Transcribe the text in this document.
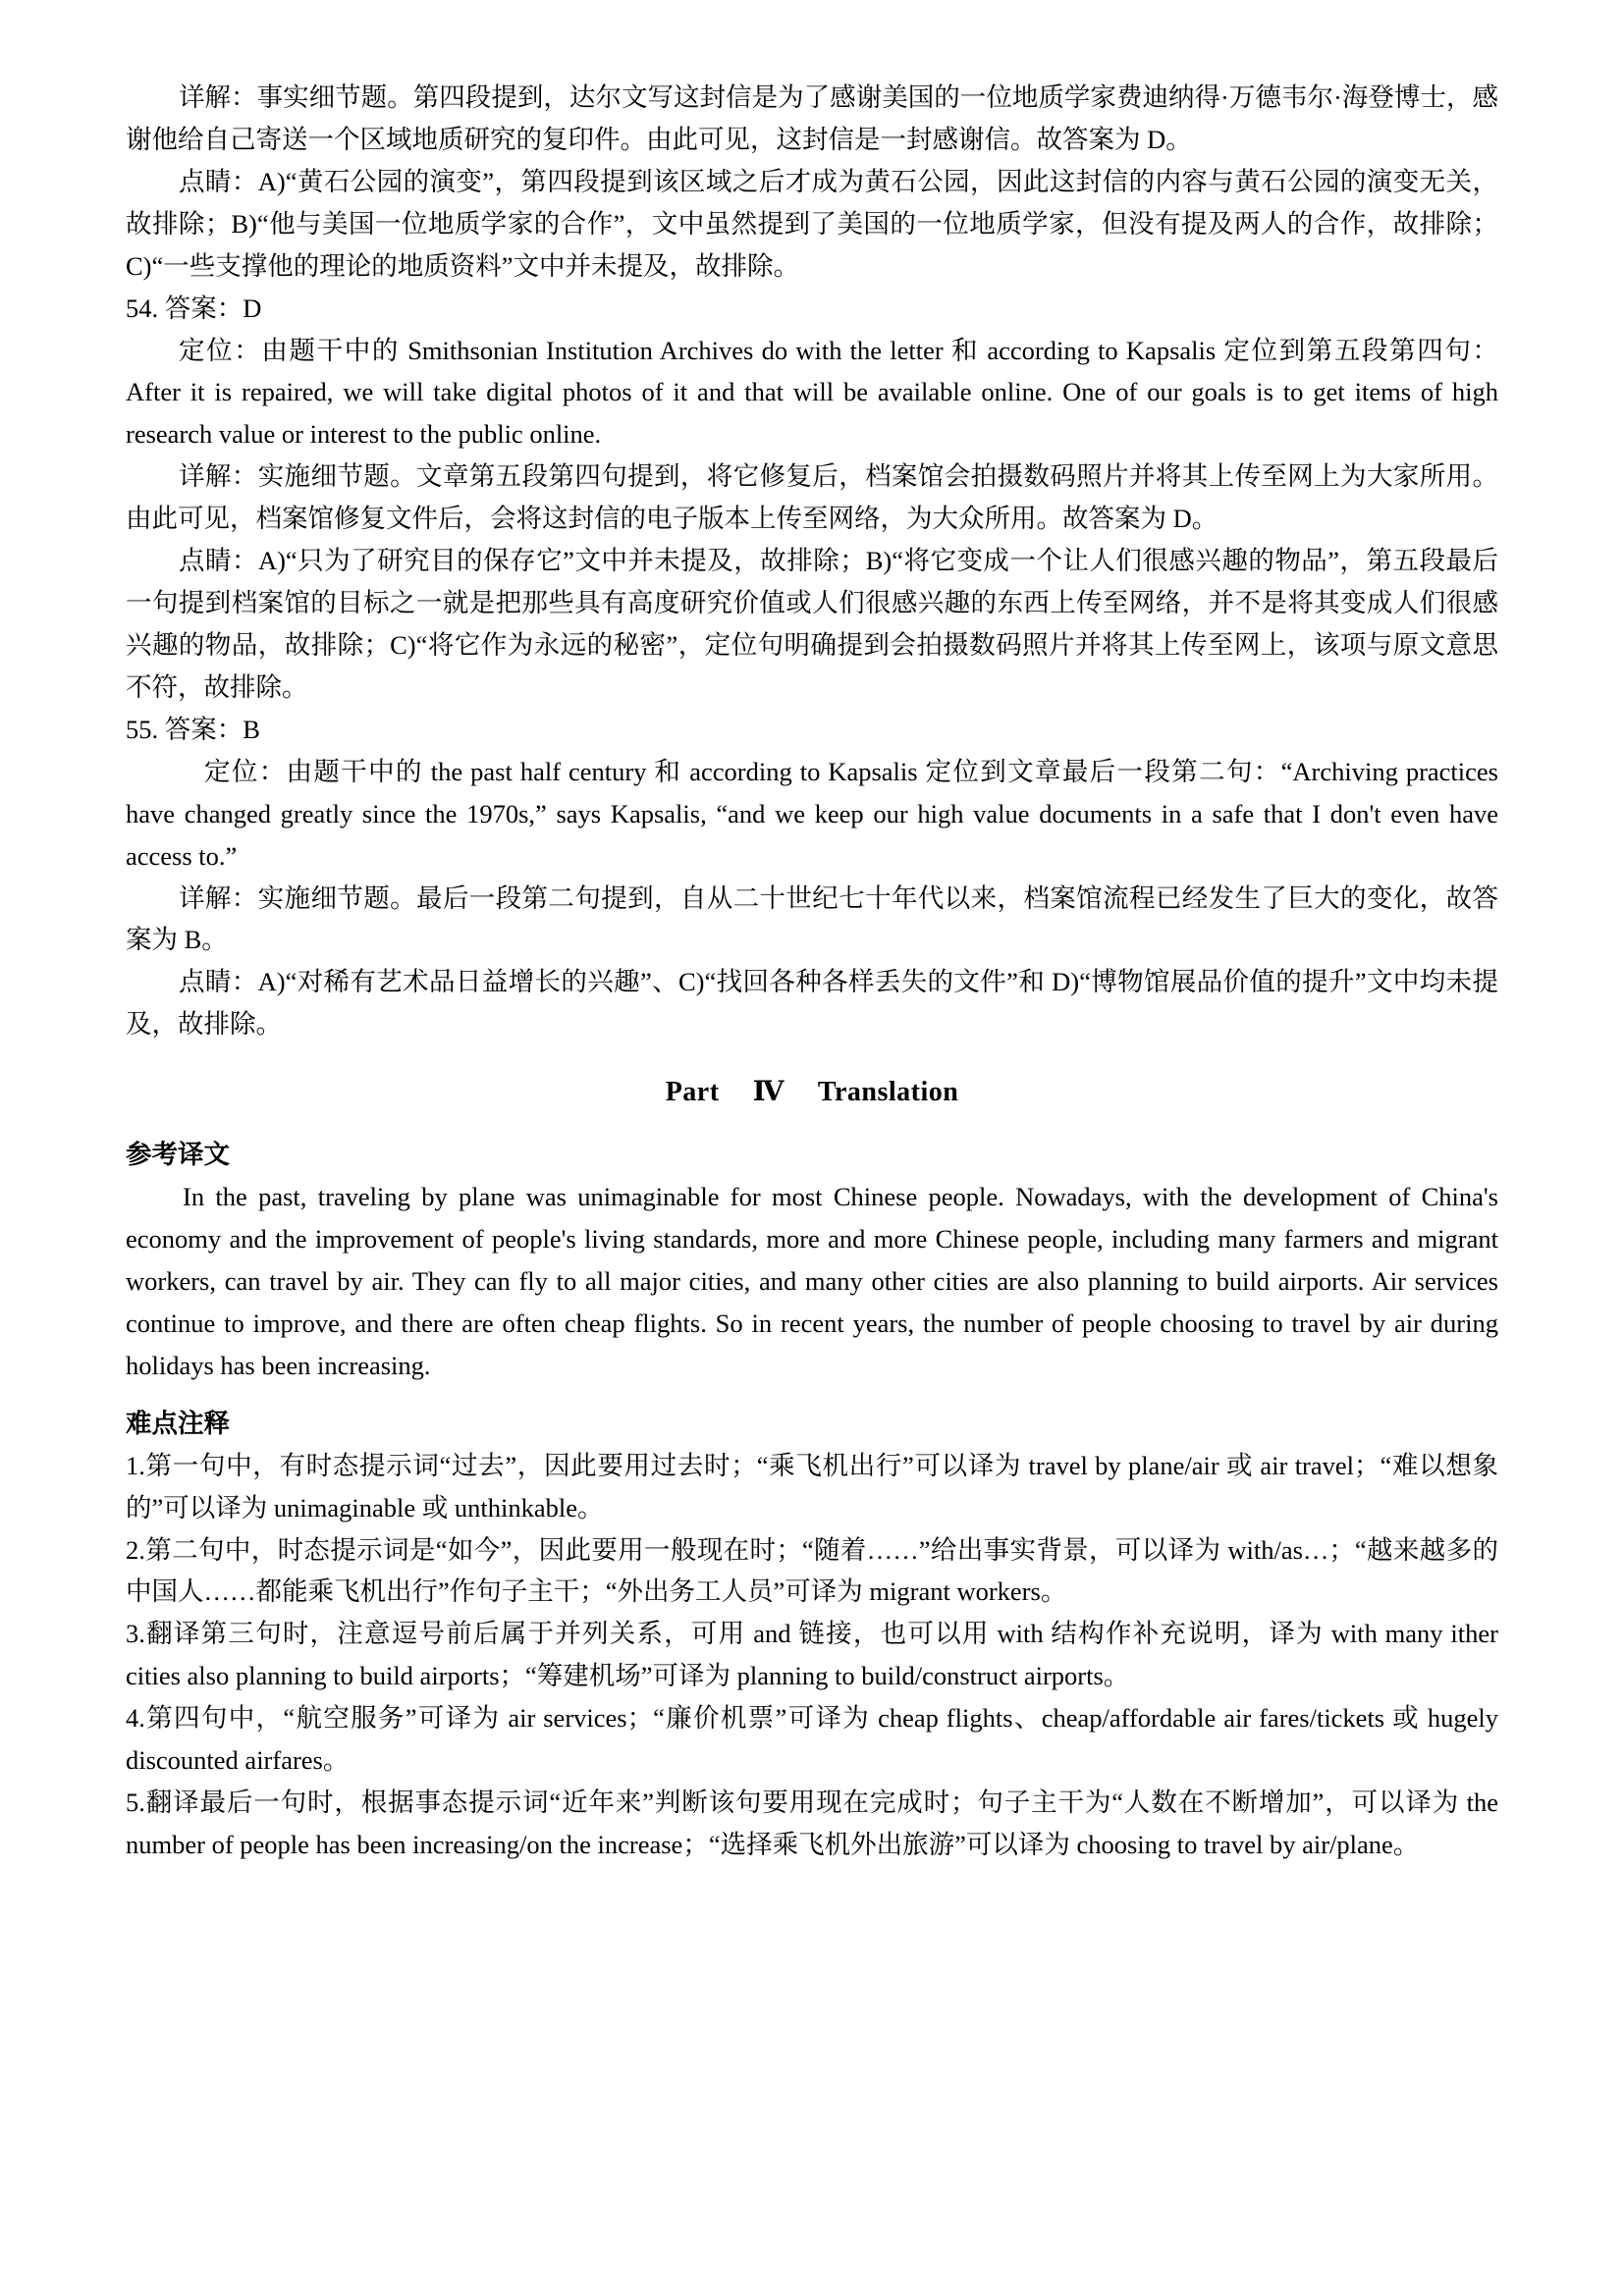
详解：事实细节题。第四段提到，达尔文写这封信是为了感谢美国的一位地质学家费迪纳得·万德韦尔·海登博士，感谢他给自己寄送一个区域地质研究的复印件。由此可见，这封信是一封感谢信。故答案为 D。

点睛：A)“黄石公园的演变”，第四段提到该区域之后才成为黄石公园，因此这封信的内容与黄石公园的演变无关，故排除；B)“他与美国一位地质学家的合作”，文中虽然提到了美国的一位地质学家，但没有提及两人的合作，故排除；C)“一些支撑他的理论的地质资料”文中并未提及，故排除。

54. 答案：D

定位：由题干中的 Smithsonian Institution Archives do with the letter 和 according to Kapsalis 定位到第五段第四句：After it is repaired, we will take digital photos of it and that will be available online. One of our goals is to get items of high research value or interest to the public online.

详解：实施细节题。文章第五段第四句提到，将它修复后，档案馆会拍摄数码照片并将其上传至网上为大家所用。由此可见，档案馆修复文件后，会将这封信的电子版本上传至网络，为大众所用。故答案为 D。

点睛：A)“只为了研究目的保存它”文中并未提及，故排除；B)“将它变成一个让人们很感兴趣的物品”，第五段最后一句提到档案馆的目标之一就是把那些具有高度研究价值或人们很感兴趣的东西上传至网络，并不是将其变成人们很感兴趣的物品，故排除；C)“将它作为永远的秘密”，定位句明确提到会拍摄数码照片并将其上传至网上，该项与原文意思不符，故排除。

55. 答案：B

定位：由题干中的 the past half century 和 according to Kapsalis 定位到文章最后一段第二句：“Archiving practices have changed greatly since the 1970s,” says Kapsalis, “and we keep our high value documents in a safe that I don't even have access to.”

详解：实施细节题。最后一段第二句提到，自从二十世纪七十年代以来，档案馆流程已经发生了巨大的变化，故答案为 B。

点睛：A)“对稀有艺术品日益增长的兴趣”、C)“找回各种各样丢失的文件”和 D)“博物馆展品价值的提升”文中均未提及，故排除。

Part Ⅳ Translation

参考译文

In the past, traveling by plane was unimaginable for most Chinese people. Nowadays, with the development of China's economy and the improvement of people's living standards, more and more Chinese people, including many farmers and migrant workers, can travel by air. They can fly to all major cities, and many other cities are also planning to build airports. Air services continue to improve, and there are often cheap flights. So in recent years, the number of people choosing to travel by air during holidays has been increasing.

难点注释

1.第一句中，有时态提示词“过去”，因此要用过去时；“乘飞机出行”可以译为 travel by plane/air 或 air travel；“难以想象的”可以译为 unimaginable 或 unthinkable。

2.第二句中，时态提示词是“如今”，因此要用一般现在时；“随着……”给出事实背景，可以译为 with/as…；“越来越多的中国人……都能乘飞机出行”作句子主干；“外出务工人员”可译为 migrant workers。

3.翻译第三句时，注意逗号前后属于并列关系，可用 and 链接，也可以用 with 结构作补充说明，译为 with many ither cities also planning to build airports；“筹建机场”可译为 planning to build/construct airports。

4.第四句中，“航空服务”可译为 air services；“廉价机票”可译为 cheap flights、cheap/affordable air fares/tickets 或 hugely discounted airfares。

5.翻译最后一句时，根据事态提示词“近年来”判断该句要用现在完成时；句子主干为“人数在不断增加”，可以译为 the number of people has been increasing/on the increase；“选择乘飞机外出旅游”可以译为 choosing to travel by air/plane。
